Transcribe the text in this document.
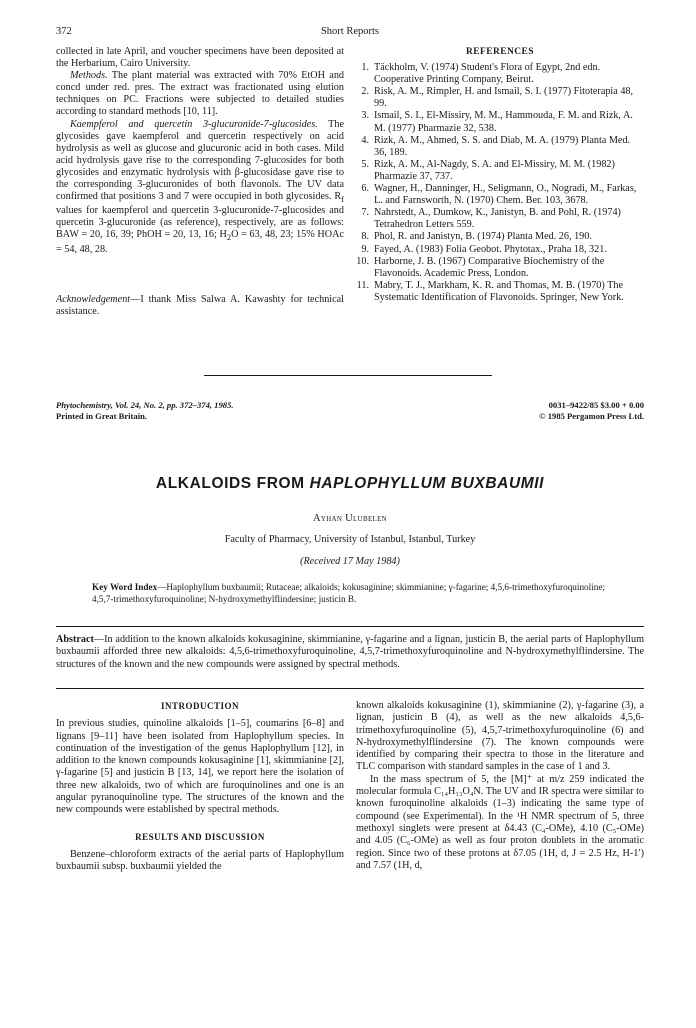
372	Short Reports

collected in late April, and voucher specimens have been deposited at the Herbarium, Cairo University.

Methods. The plant material was extracted with 70% EtOH and concd under red. pres. The extract was fractionated using elution techniques on PC. Fractions were subjected to detailed studies according to standard methods [10, 11].

Kaempferol and quercetin 3-glucuronide-7-glucosides. The glycosides gave kaempferol and quercetin respectively on acid hydrolysis as well as glucose and glucuronic acid in both cases. Mild acid hydrolysis gave rise to the corresponding 7-glucosides for both glycosides and enzymatic hydrolysis with β-glucosidase gave rise to the corresponding 3-glucuronides of both flavonols. The UV data confirmed that positions 3 and 7 were occupied in both glycosides. $R_f$ values for kaempferol and quercetin 3-glucuronide-7-glucosides and quercetin 3-glucuronide (as reference), respectively, are as follows: BAW = 20, 16, 39; PhOH = 20, 13, 16; $H_2O = 63$, 48, 23; 15% HOAc = 54, 48, 28.

Acknowledgement—I thank Miss Salwa A. Kawashty for technical assistance.

REFERENCES
1. Täckholm, V. (1974) Student's Flora of Egypt, 2nd edn. Cooperative Printing Company, Beirut.
2. Risk, A. M., Rimpler, H. and Ismail, S. I. (1977) Fitoterapia 48, 99.
3. Ismail, S. I., El-Missiry, M. M., Hammouda, F. M. and Rizk, A. M. (1977) Pharmazie 32, 538.
4. Rizk, A. M., Ahmed, S. S. and Diab, M. A. (1979) Planta Med. 36, 189.
5. Rizk, A. M., Al-Nagdy, S. A. and El-Missiry, M. M. (1982) Pharmazie 37, 737.
6. Wagner, H., Danninger, H., Seligmann, O., Nogradi, M., Farkas, L. and Farnsworth, N. (1970) Chem. Ber. 103, 3678.
7. Nahrstedt, A., Dumkow, K., Janistyn, B. and Pohl, R. (1974) Tetrahedron Letters 559.
8. Phol, R. and Janistyn, B. (1974) Planta Med. 26, 190.
9. Fayed, A. (1983) Folia Geobot. Phytotax., Praha 18, 321.
10. Harborne, J. B. (1967) Comparative Biochemistry of the Flavonoids. Academic Press, London.
11. Mabry, T. J., Markham, K. R. and Thomas, M. B. (1970) The Systematic Identification of Flavonoids. Springer, New York.
Phytochemistry, Vol. 24, No. 2, pp. 372–374, 1985.
Printed in Great Britain.
0031–9422/85 $3.00 + 0.00
© 1985 Pergamon Press Ltd.
ALKALOIDS FROM HAPLOPHYLLUM BUXBAUMII
Ayhan Ulubelen
Faculty of Pharmacy, University of Istanbul, Istanbul, Turkey
(Received 17 May 1984)
Key Word Index—Haplophyllum buxbaumii; Rutaceae; alkaloids; kokusaginine; skimmianine; γ-fagarine; 4,5,6-trimethoxyfuroquinoline; 4,5,7-trimethoxyfuroquinoline; N-hydroxymethylflindersine; justicin B.
Abstract—In addition to the known alkaloids kokusaginine, skimmianine, γ-fagarine and a lignan, justicin B, the aerial parts of Haplophyllum buxbaumii afforded three new alkaloids: 4,5,6-trimethoxyfuroquinoline, 4,5,7-trimethoxyfuroquinoline and N-hydroxymethylflindersine. The structures of the known and the new compounds were assigned by spectral methods.
INTRODUCTION

In previous studies, quinoline alkaloids [1–5], coumarins [6–8] and lignans [9–11] have been isolated from Haplophyllum species. In continuation of the investigation of the genus Haplophyllum [12], in addition to the known compounds kokusaginine [1], skimmianine [2], γ-fagarine [5] and justicin B [13, 14], we report here the isolation of three new alkaloids, two of which are furoquinolines and one is an angular pyranoquinoline type. The structures of the known and the new compounds were established by spectral methods.

RESULTS AND DISCUSSION

Benzene–chloroform extracts of the aerial parts of Haplophyllum buxbaumii subsp. buxbaumii yielded the

known alkaloids kokusaginine (1), skimmianine (2), γ-fagarine (3), a lignan, justicin B (4), as well as the new alkaloids 4,5,6-trimethoxyfuroquinoline (5), 4,5,7-trimethoxyfuroquinoline (6) and N-hydroxymethylflindersine (7). The known compounds were identified by comparing their spectra to those in the literature and TLC comparison with standard samples in the case of 1 and 3.

In the mass spectrum of 5, the [M]⁺ at m/z 259 indicated the molecular formula C₁₄H₁₃O₄N. The UV and IR spectra were similar to known furoquinoline alkaloids (1–3) indicating the same type of compound (see Experimental). In the ¹H NMR spectrum of 5, three methoxyl singlets were present at δ4.43 (C₄-OMe), 4.10 (C₅-OMe) and 4.05 (C₆-OMe) as well as four proton doublets in the aromatic region. Since two of these protons at δ7.05 (1H, d, J = 2.5 Hz, H-1′) and 7.57 (1H, d,
